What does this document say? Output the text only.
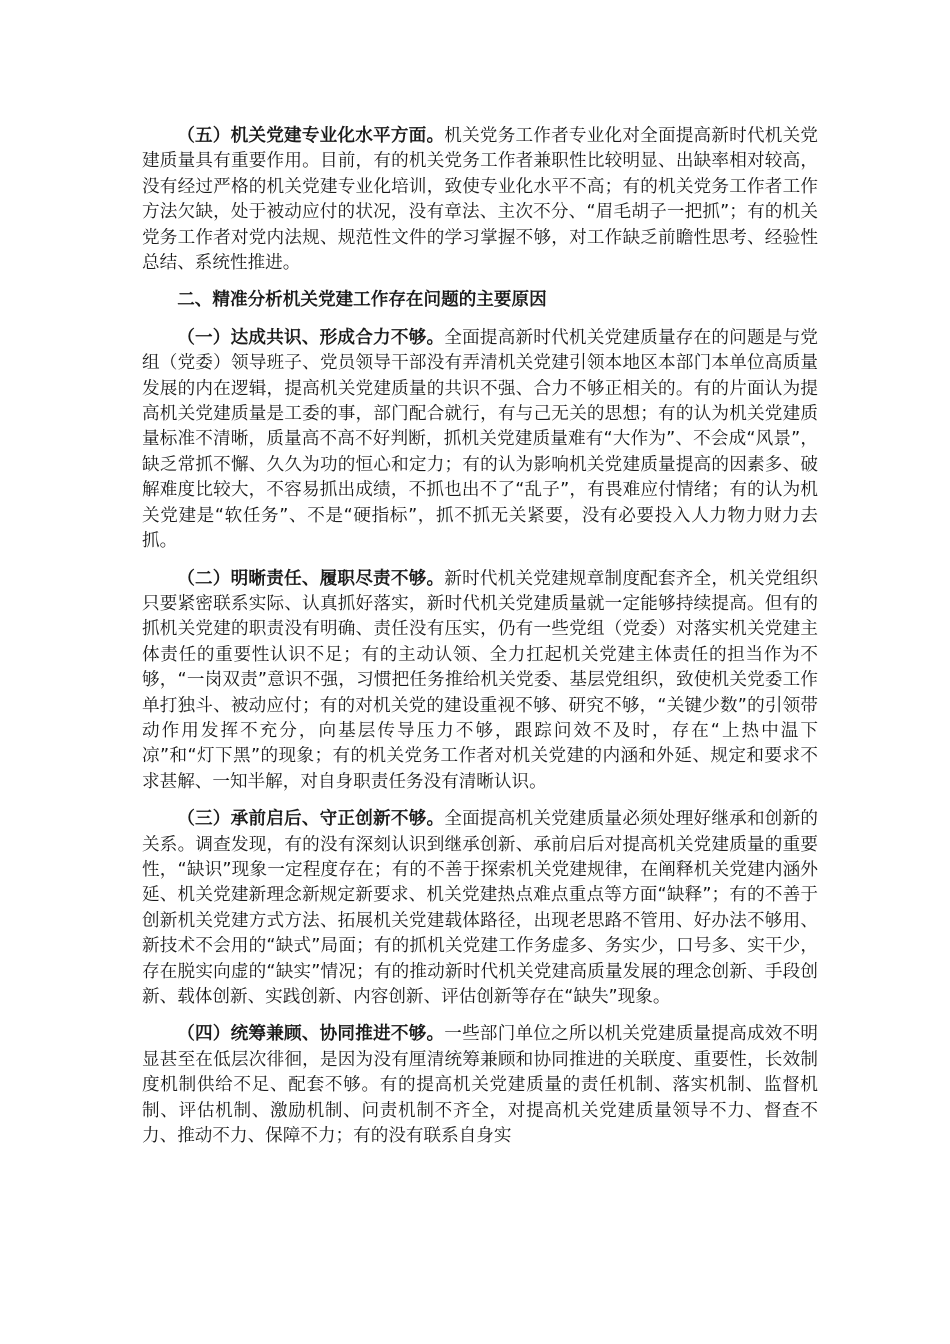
（五）机关党建专业化水平方面。机关党务工作者专业化对全面提高新时代机关党建质量具有重要作用。目前，有的机关党务工作者兼职性比较明显、出缺率相对较高，没有经过严格的机关党建专业化培训，致使专业化水平不高；有的机关党务工作者工作方法欠缺，处于被动应付的状况，没有章法、主次不分、“眉毛胡子一把抓”；有的机关党务工作者对党内法规、规范性文件的学习掌握不够，对工作缺乏前瞻性思考、经验性总结、系统性推进。

二、精准分析机关党建工作存在问题的主要原因

（一）达成共识、形成合力不够。全面提高新时代机关党建质量存在的问题是与党组（党委）领导班子、党员领导干部没有弄清机关党建引领本地区本部门本单位高质量发展的内在逻辑，提高机关党建质量的共识不强、合力不够正相关的。有的片面认为提高机关党建质量是工委的事，部门配合就行，有与己无关的思想；有的认为机关党建质量标准不清晰，质量高不高不好判断，抓机关党建质量难有“大作为”、不会成“风景”，缺乏常抓不懈、久久为功的恒心和定力；有的认为影响机关党建质量提高的因素多、破解难度比较大，不容易抓出成绩，不抓也出不了“乱子”，有畏难应付情绪；有的认为机关党建是“软任务”、不是“硬指标”，抓不抓无关紧要，没有必要投入人力物力财力去抓。

（二）明晰责任、履职尽责不够。新时代机关党建规章制度配套齐全，机关党组织只要紧密联系实际、认真抓好落实，新时代机关党建质量就一定能够持续提高。但有的抓机关党建的职责没有明确、责任没有压实，仍有一些党组（党委）对落实机关党建主体责任的重要性认识不足；有的主动认领、全力扛起机关党建主体责任的担当作为不够，“一岗双责”意识不强，习惯把任务推给机关党委、基层党组织，致使机关党委工作单打独斗、被动应付；有的对机关党的建设重视不够、研究不够，“关键少数”的引领带动作用发挥不充分，向基层传导压力不够，跟踪问效不及时，存在“上热中温下凉”和“灯下黑”的现象；有的机关党务工作者对机关党建的内涵和外延、规定和要求不求甚解、一知半解，对自身职责任务没有清晰认识。

（三）承前启后、守正创新不够。全面提高机关党建质量必须处理好继承和创新的关系。调查发现，有的没有深刻认识到继承创新、承前启后对提高机关党建质量的重要性，“缺识”现象一定程度存在；有的不善于探索机关党建规律，在阐释机关党建内涵外延、机关党建新理念新规定新要求、机关党建热点难点重点等方面“缺释”；有的不善于创新机关党建方式方法、拓展机关党建载体路径，出现老思路不管用、好办法不够用、新技术不会用的“缺式”局面；有的抓机关党建工作务虚多、务实少，口号多、实干少，存在脱实向虚的“缺实”情况；有的推动新时代机关党建高质量发展的理念创新、手段创新、载体创新、实践创新、内容创新、评估创新等存在“缺失”现象。

（四）统筹兼顾、协同推进不够。一些部门单位之所以机关党建质量提高成效不明显甚至在低层次徘徊，是因为没有厘清统筹兼顾和协同推进的关联度、重要性，长效制度机制供给不足、配套不够。有的提高机关党建质量的责任机制、落实机制、监督机制、评估机制、激励机制、问责机制不齐全，对提高机关党建质量领导不力、督查不力、推动不力、保障不力；有的没有联系自身实
